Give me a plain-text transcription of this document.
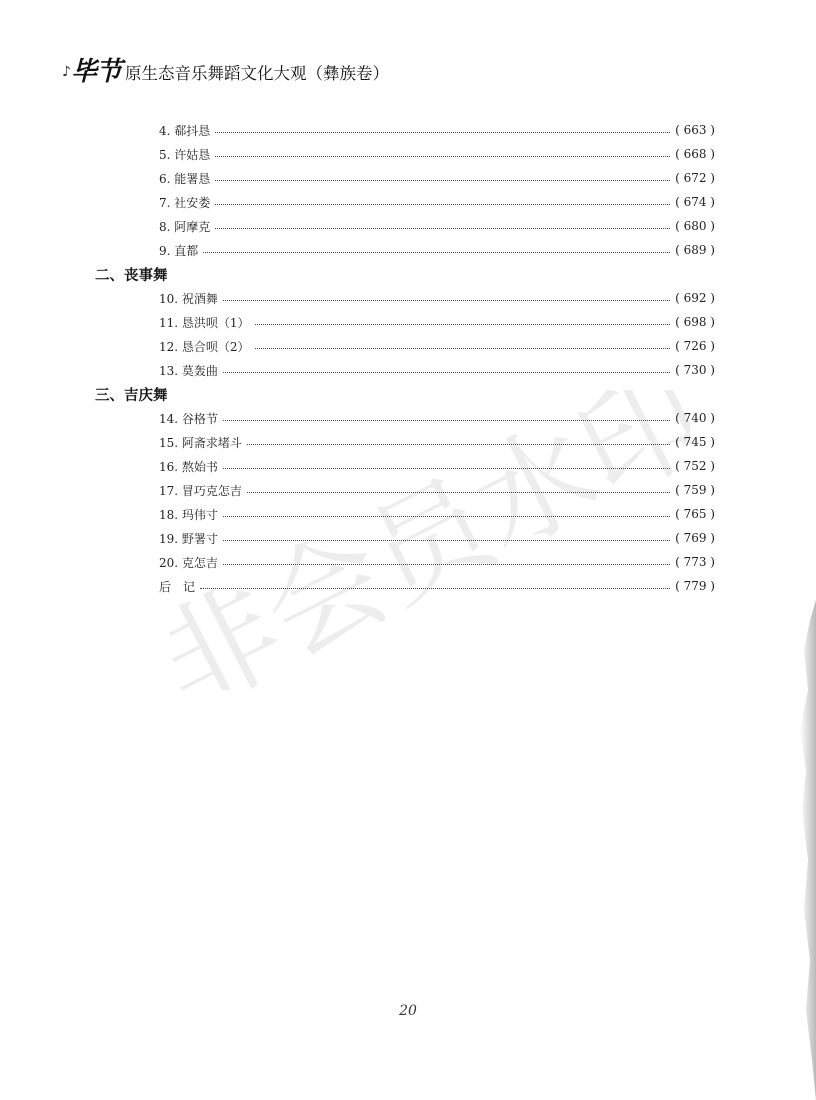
♪毕节 原生态音乐舞蹈文化大观（彝族卷）
非会员水印
4. 郗抖恳	( 663 )
5. 许姑恳	( 668 )
6. 能署恳	( 672 )
7. 社安娄	( 674 )
8. 阿摩克	( 680 )
9. 直都	( 689 )
二、丧事舞
10. 祝酒舞	( 692 )
11. 恳洪呗（1）	( 698 )
12. 恳合呗（2）	( 726 )
13. 莫轰曲	( 730 )
三、吉庆舞
14. 谷格节	( 740 )
15. 阿斋求堵斗	( 745 )
16. 熬始书	( 752 )
17. 冒巧克怎吉	( 759 )
18. 玛伟寸	( 765 )
19. 野署寸	( 769 )
20. 克怎吉	( 773 )
后　记	( 779 )
20
